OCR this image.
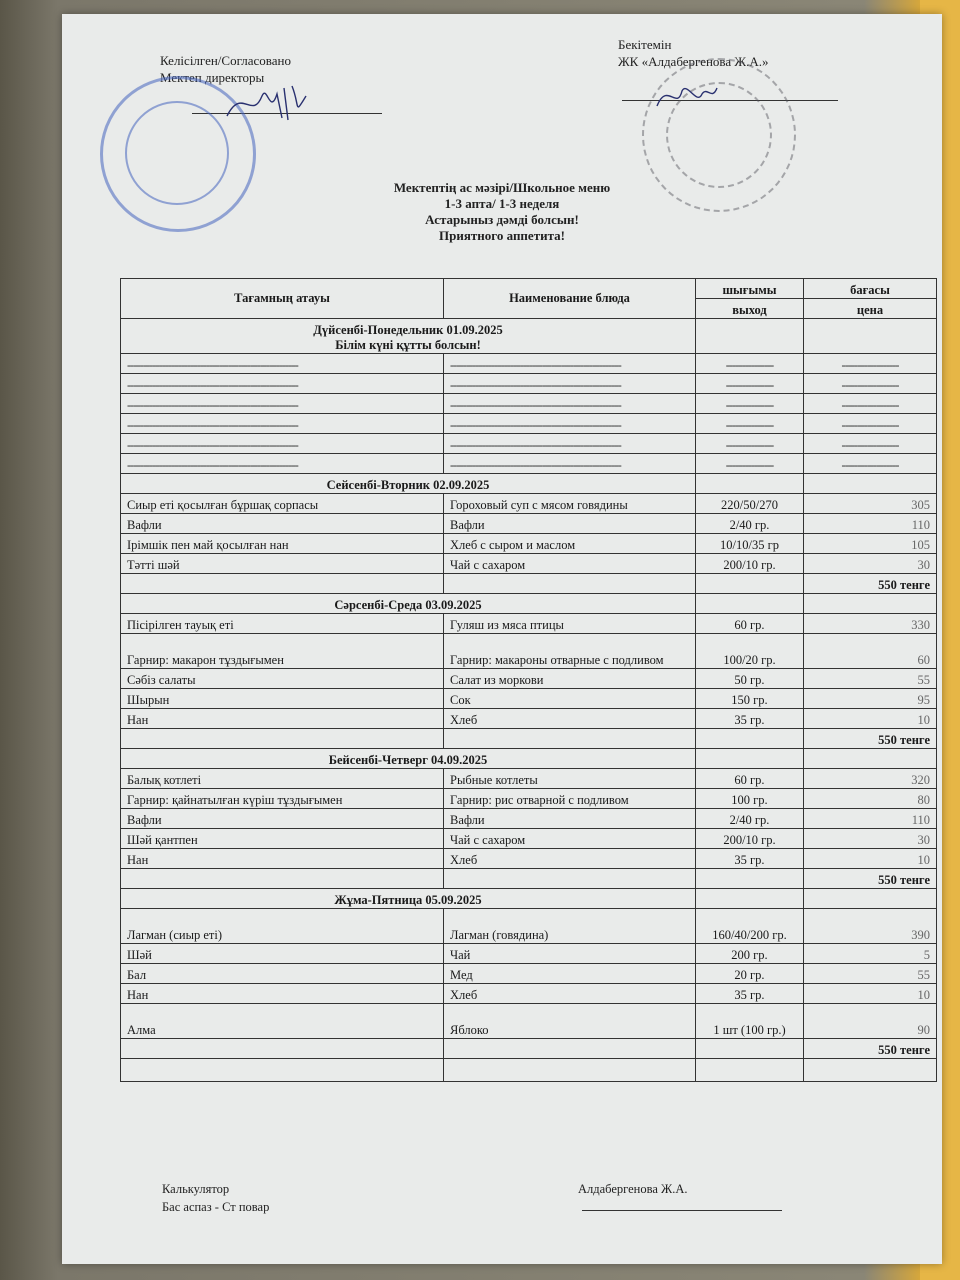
Келісілген/Согласовано
Мектеп директоры
Бекітемін
ЖК «Алдабергенова Ж.А.»
Мектептің ас мәзірі/Школьное меню
1-3 апта/ 1-3 неделя
Астарыныз дәмді болсын!
Приятного аппетита!
Тағамның атауы	Наименование блюда	шығымы	бағасы
		выход	цена

Дүйсенбі-Понедельник 01.09.2025
Білім күні құтты болсын!			

------------------------------------------------------	------------------------------------------------------	---------------	------------------
------------------------------------------------------	------------------------------------------------------	---------------	------------------
------------------------------------------------------	------------------------------------------------------	---------------	------------------
------------------------------------------------------	------------------------------------------------------	---------------	------------------
------------------------------------------------------	------------------------------------------------------	---------------	------------------
------------------------------------------------------	------------------------------------------------------	---------------	------------------
Сейсенбі-Вторник 02.09.2025			
Сиыр еті қосылған бұршақ сорпасы	Гороховый суп с мясом говядины	220/50/270	305
Вафли	Вафли	2/40 гр.	110
Ірімшік пен май қосылған нан	Хлеб с сыром и маслом	10/10/35 гр	105
Тәтті шәй	Чай с сахаром	200/10 гр.	30
			550 тенге
Сәрсенбі-Среда 03.09.2025			
Пісірілген тауық еті	Гуляш из мяса птицы	60 гр.	330
Гарнир: макарон тұздығымен	Гарнир: макароны отварные с подливом	100/20 гр.	60
Сәбіз салаты	Салат из моркови	50 гр.	55
Шырын	Сок	150 гр.	95
Нан	Хлеб	35 гр.	10
			550 тенге
Бейсенбі-Четверг 04.09.2025			
Балық котлеті	Рыбные котлеты	60 гр.	320
Гарнир: қайнатылған күріш тұздығымен	Гарнир: рис отварной с подливом	100 гр.	80
Вафли	Вафли	2/40 гр.	110
Шәй қантпен	Чай с сахаром	200/10 гр.	30
Нан	Хлеб	35 гр.	10
			550 тенге
Жұма-Пятница 05.09.2025			
Лагман (сиыр еті)	Лагман (говядина)	160/40/200 гр.	390
Шәй	Чай	200 гр.	5
Бал	Мед	20 гр.	55
Нан	Хлеб	35 гр.	10
Алма	Яблоко	1 шт (100 гр.)	90
			550 тенге

Калькулятор
Бас аспаз - Ст повар
Алдабергенова Ж.А.
